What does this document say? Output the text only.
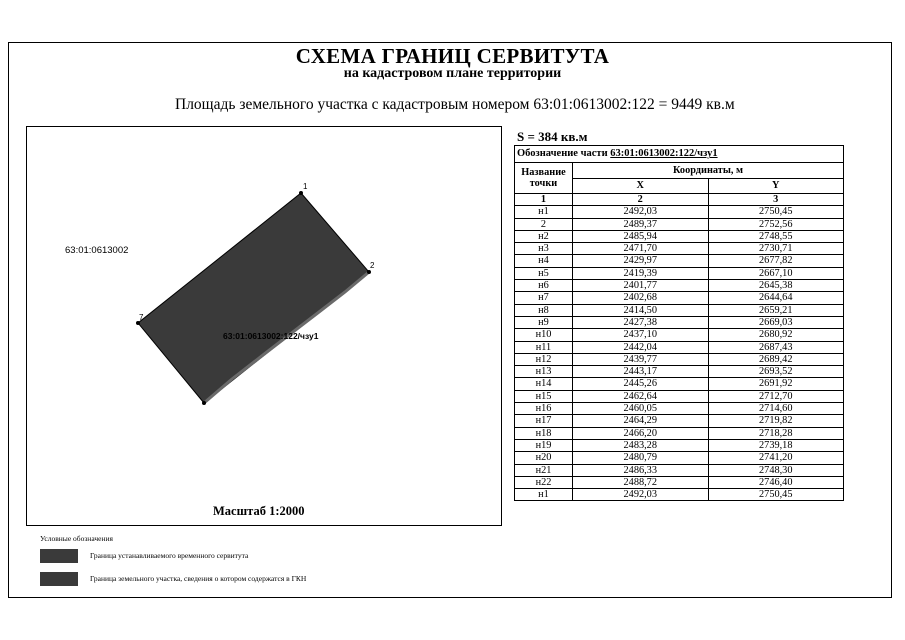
СХЕМА ГРАНИЦ СЕРВИТУТА
на кадастровом плане территории
Площадь земельного участка с кадастровым номером 63:01:0613002:122 = 9449 кв.м
1
2
7
63:01:0613002:122/чзу1
63:01:0613002
Масштаб 1:2000
S = 384 кв.м
Обозначение части 63:01:0613002:122/чзу1		
Название точки	Координаты, м	
	X	Y
1	2	3
н1	2492,03	2750,45
2	2489,37	2752,56
н2	2485,94	2748,55
н3	2471,70	2730,71
н4	2429,97	2677,82
н5	2419,39	2667,10
н6	2401,77	2645,38
н7	2402,68	2644,64
н8	2414,50	2659,21
н9	2427,38	2669,03
н10	2437,10	2680,92
н11	2442,04	2687,43
н12	2439,77	2689,42
н13	2443,17	2693,52
н14	2445,26	2691,92
н15	2462,64	2712,70
н16	2460,05	2714,60
н17	2464,29	2719,82
н18	2466,20	2718,28
н19	2483,28	2739,18
н20	2480,79	2741,20
н21	2486,33	2748,30
н22	2488,72	2746,40
н1	2492,03	2750,45
Условные обозначения
Граница устанавливаемого временного сервитута
Граница земельного участка, сведения о котором содержатся в ГКН
